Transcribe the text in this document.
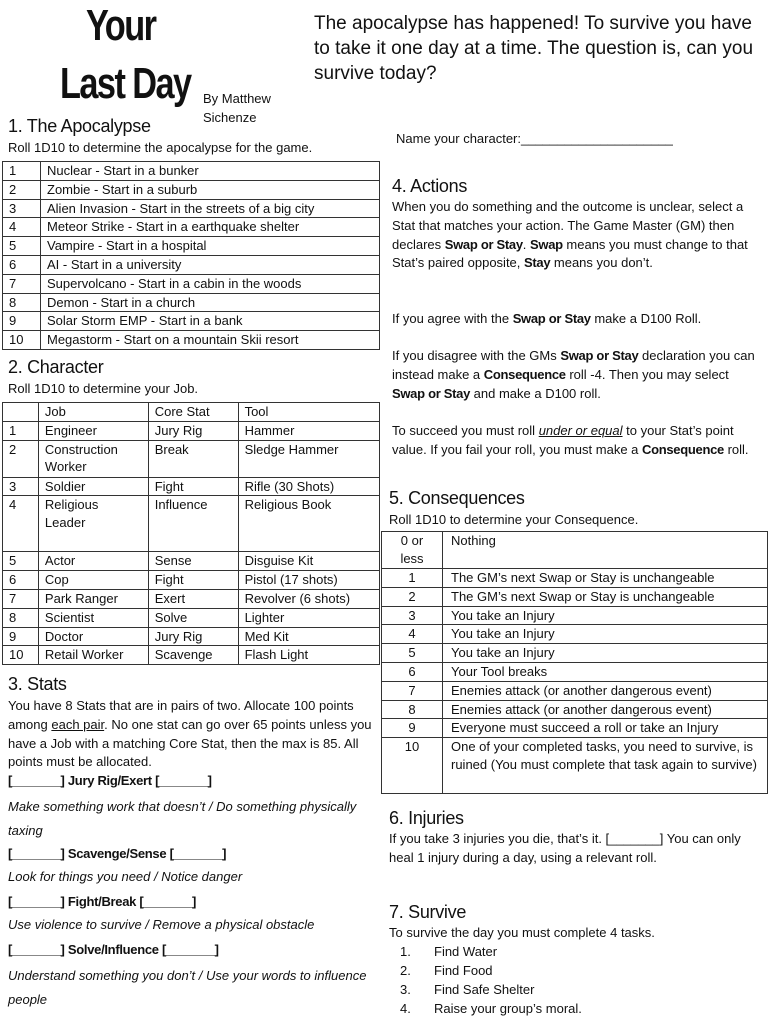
Your
Last Day By Matthew
Sichenze
The apocalypse has happened! To survive you have to take it one day at a time. The question is, can you survive today?
1. The Apocalypse
Roll 1D10 to determine the apocalypse for the game.
1	Nuclear - Start in a bunker
2	Zombie - Start in a suburb
3	Alien Invasion - Start in the streets of a big city
4	Meteor Strike - Start in a earthquake shelter
5	Vampire - Start in a hospital
6	AI - Start in a university
7	Supervolcano - Start in a cabin in the woods
8	Demon - Start in a church
9	Solar Storm EMP - Start in a bank
10	Megastorm - Start on a mountain Skii resort
2. Character
Roll 1D10 to determine your Job.
	Job	Core Stat	Tool
1	Engineer	Jury Rig	Hammer
2	Construction Worker	Break	Sledge Hammer
3	Soldier	Fight	Rifle (30 Shots)
4	Religious Leader	Influence	Religious Book
5	Actor	Sense	Disguise Kit
6	Cop	Fight	Pistol (17 shots)
7	Park Ranger	Exert	Revolver (6 shots)
8	Scientist	Solve	Lighter
9	Doctor	Jury Rig	Med Kit
10	Retail Worker	Scavenge	Flash Light
3. Stats
You have 8 Stats that are in pairs of two. Allocate 100 points among each pair. No one stat can go over 65 points unless you have a Job with a matching Core Stat, then the max is 85. All points must be allocated.
[_______] Jury Rig/Exert [_______]
Make something work that doesn’t / Do something physically taxing
[_______] Scavenge/Sense [_______]
Look for things you need / Notice danger
[_______] Fight/Break [_______]
Use violence to survive / Remove a physical obstacle
[_______] Solve/Influence [_______]
Understand something you don’t / Use your words to influence people
Name your character:_____________________
4. Actions
When you do something and the outcome is unclear, select a Stat that matches your action. The Game Master (GM) then declares Swap or Stay. Swap means you must change to that Stat’s paired opposite, Stay means you don’t.
If you agree with the Swap or Stay make a D100 Roll.
If you disagree with the GMs Swap or Stay declaration you can instead make a Consequence roll -4. Then you may select Swap or Stay and make a D100 roll.
To succeed you must roll under or equal to your Stat’s point value. If you fail your roll, you must make a Consequence roll.
5. Consequences
Roll 1D10 to determine your Consequence.
0 or less	Nothing
1	The GM’s next Swap or Stay is unchangeable
2	The GM’s next Swap or Stay is unchangeable
3	You take an Injury
4	You take an Injury
5	You take an Injury
6	Your Tool breaks
7	Enemies attack (or another dangerous event)
8	Enemies attack (or another dangerous event)
9	Everyone must succeed a roll or take an Injury
10	One of your completed tasks, you need to survive, is ruined (You must complete that task again to survive)
6. Injuries
If you take 3 injuries you die, that’s it. [_______] You can only heal 1 injury during a day, using a relevant roll.
7. Survive
To survive the day you must complete 4 tasks.
1. Find Water
2. Find Food
3. Find Safe Shelter
4. Raise your group’s moral.
